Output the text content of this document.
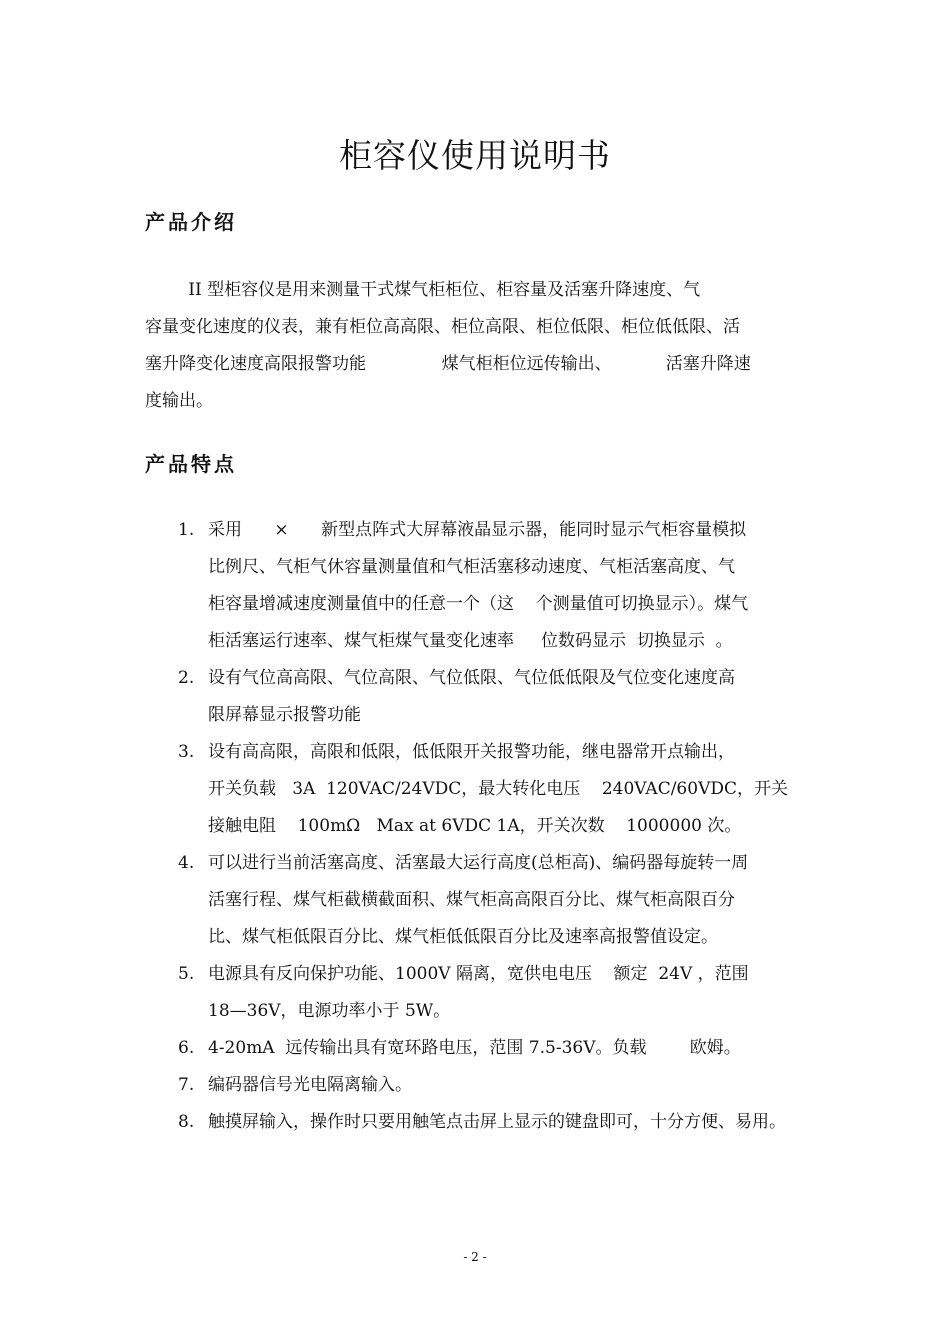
柜容仪使用说明书
产品介绍
II 型柜容仪是用来测量干式煤气柜柜位、柜容量及活塞升降速度、气
容量变化速度的仪表，兼有柜位高高限、柜位高限、柜位低限、柜位低低限、活
塞升降变化速度高限报警功能              煤气柜柜位远传输出、          活塞升降速
度输出。
产品特点
1. 采用      ×      新型点阵式大屏幕液晶显示器，能同时显示气柜容量模拟
比例尺、气柜气休容量测量值和气柜活塞移动速度、气柜活塞高度、气
柜容量增减速度测量值中的任意一个（这    个测量值可切换显示）。煤气
柜活塞运行速率、煤气柜煤气量变化速率     位数码显示  切换显示  。
2. 设有气位高高限、气位高限、气位低限、气位低低限及气位变化速度高
限屏幕显示报警功能
3. 设有高高限，高限和低限，低低限开关报警功能，继电器常开点输出，
开关负载   3A  120VAC/24VDC，最大转化电压    240VAC/60VDC，开关
接触电阻    100mΩ   Max at 6VDC 1A，开关次数    1000000 次。
4. 可以进行当前活塞高度、活塞最大运行高度(总柜高)、编码器每旋转一周
活塞行程、煤气柜截横截面积、煤气柜高高限百分比、煤气柜高限百分
比、煤气柜低限百分比、煤气柜低低限百分比及速率高报警值设定。
5. 电源具有反向保护功能、1000V 隔离，宽供电电压    额定  24V ，范围
18—36V，电源功率小于 5W。
6. 4-20mA  远传输出具有宽环路电压，范围 7.5-36V。负载        欧姆。
7. 编码器信号光电隔离输入。
8. 触摸屏输入，操作时只要用触笔点击屏上显示的键盘即可，十分方便、易用。
- 2 -
